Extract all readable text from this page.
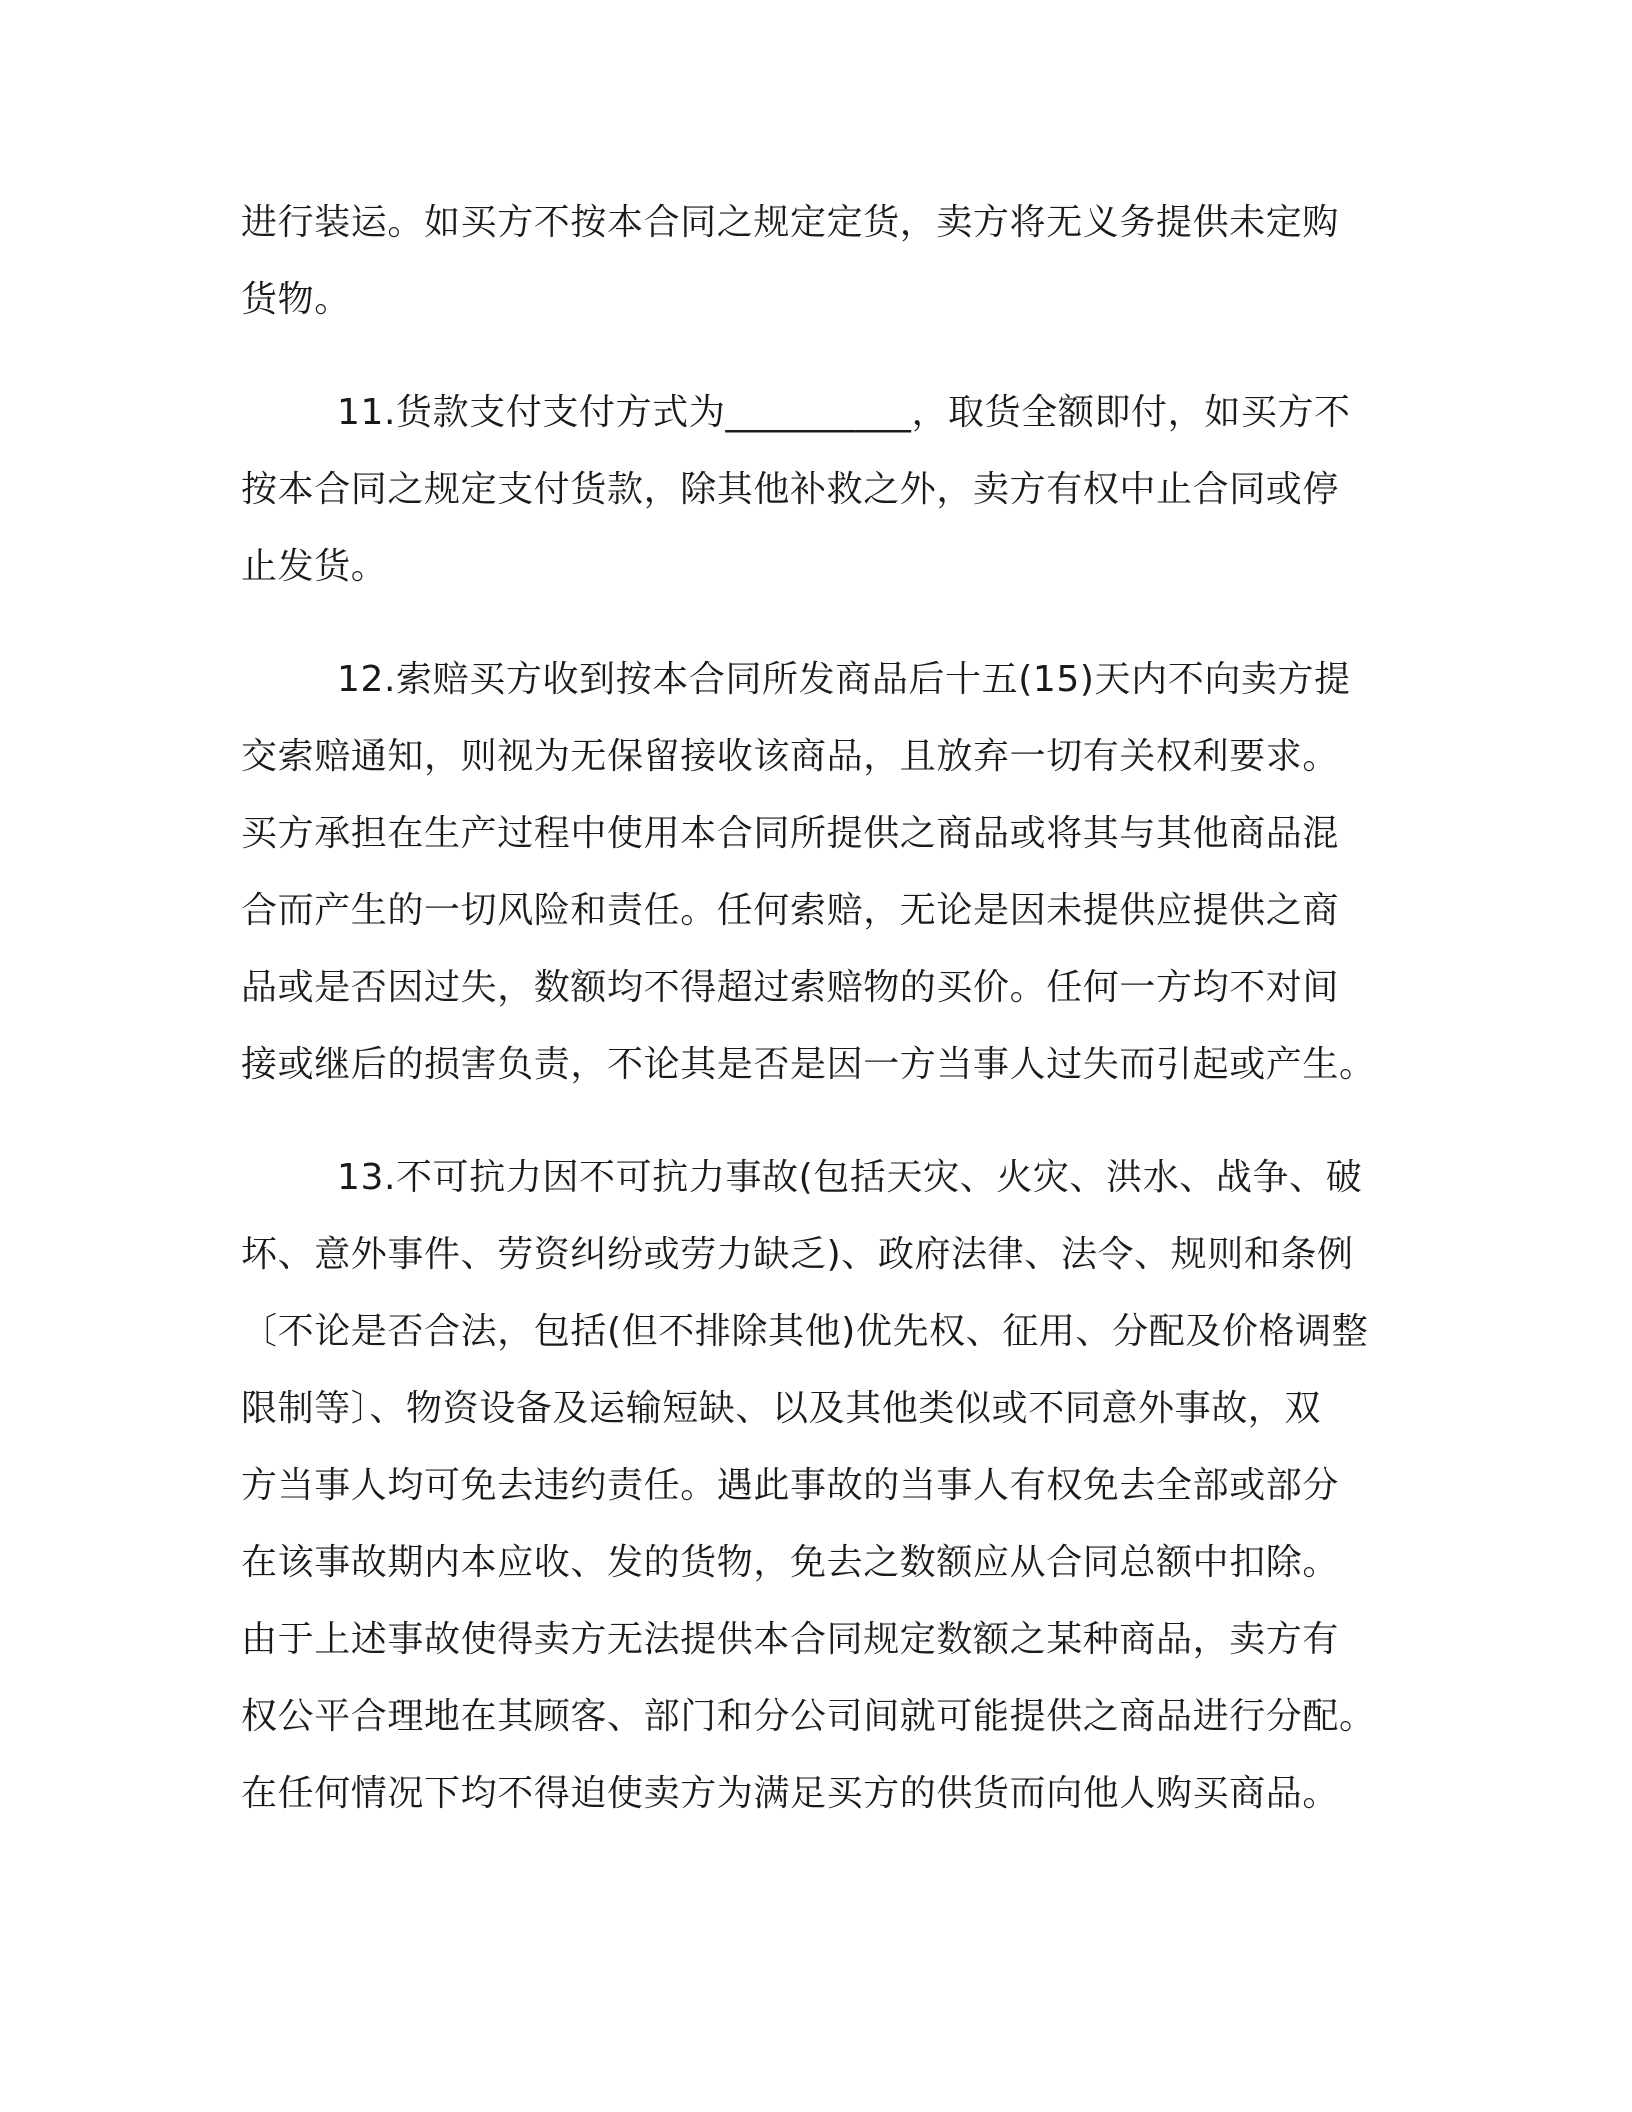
进行装运。如买方不按本合同之规定定货，卖方将无义务提供未定购
货物。

11.货款支付支付方式为__________，取货全额即付，如买方不
按本合同之规定支付货款，除其他补救之外，卖方有权中止合同或停
止发货。

12.索赔买方收到按本合同所发商品后十五(15)天内不向卖方提
交索赔通知，则视为无保留接收该商品，且放弃一切有关权利要求。
买方承担在生产过程中使用本合同所提供之商品或将其与其他商品混
合而产生的一切风险和责任。任何索赔，无论是因未提供应提供之商
品或是否因过失，数额均不得超过索赔物的买价。任何一方均不对间
接或继后的损害负责，不论其是否是因一方当事人过失而引起或产生。

13.不可抗力因不可抗力事故(包括天灾、火灾、洪水、战争、破
坏、意外事件、劳资纠纷或劳力缺乏)、政府法律、法令、规则和条例
〔不论是否合法，包括(但不排除其他)优先权、征用、分配及价格调整
限制等〕、物资设备及运输短缺、以及其他类似或不同意外事故，双
方当事人均可免去违约责任。遇此事故的当事人有权免去全部或部分
在该事故期内本应收、发的货物，免去之数额应从合同总额中扣除。
由于上述事故使得卖方无法提供本合同规定数额之某种商品，卖方有
权公平合理地在其顾客、部门和分公司间就可能提供之商品进行分配。
在任何情况下均不得迫使卖方为满足买方的供货而向他人购买商品。
